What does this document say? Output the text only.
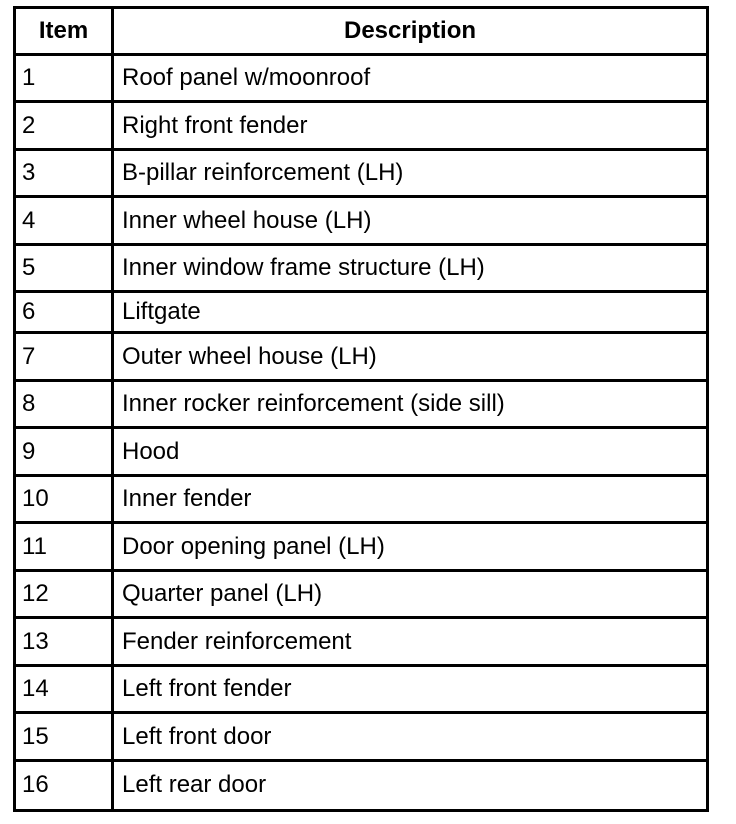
Item	Description
1	Roof panel w/moonroof
2	Right front fender
3	B-pillar reinforcement (LH)
4	Inner wheel house (LH)
5	Inner window frame structure (LH)
6	Liftgate
7	Outer wheel house (LH)
8	Inner rocker reinforcement (side sill)
9	Hood
10	Inner fender
11	Door opening panel (LH)
12	Quarter panel (LH)
13	Fender reinforcement
14	Left front fender
15	Left front door
16	Left rear door
